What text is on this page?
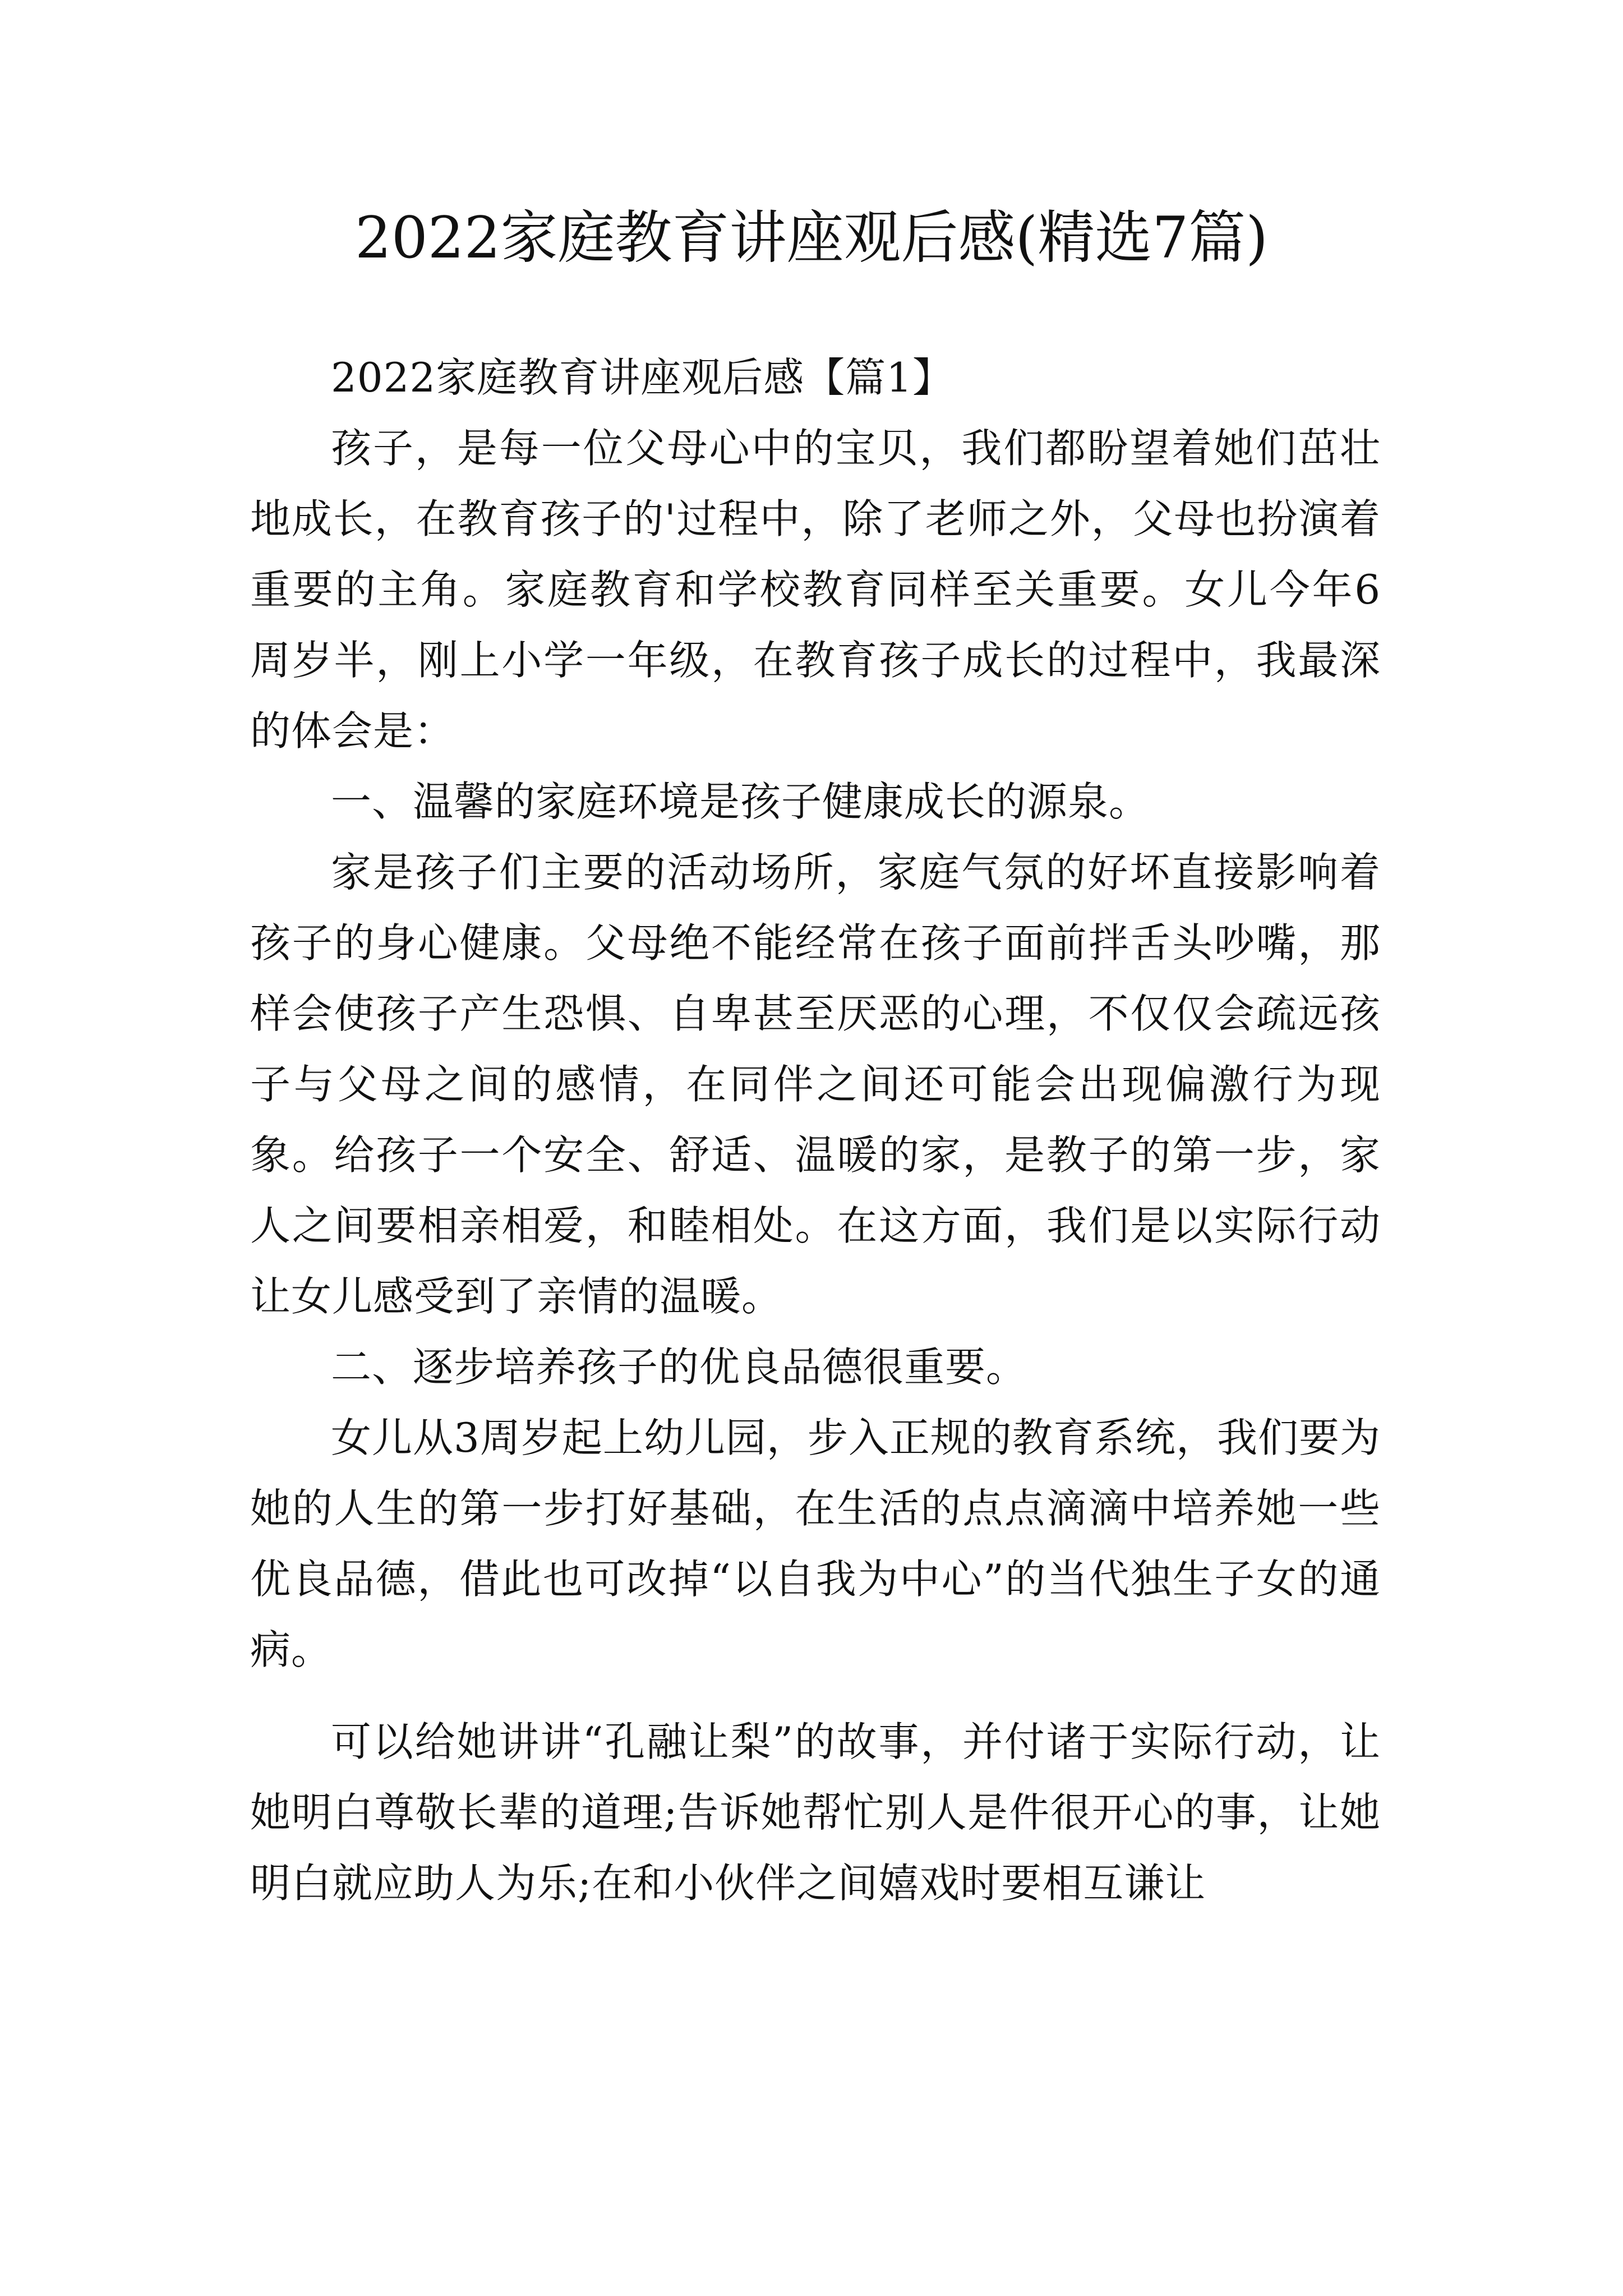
2022家庭教育讲座观后感(精选7篇)

2022家庭教育讲座观后感【篇1】

孩子，是每一位父母心中的宝贝，我们都盼望着她们茁壮地成长，在教育孩子的'过程中，除了老师之外，父母也扮演着重要的主角。家庭教育和学校教育同样至关重要。女儿今年6周岁半，刚上小学一年级，在教育孩子成长的过程中，我最深的体会是：

一、温馨的家庭环境是孩子健康成长的源泉。

家是孩子们主要的活动场所，家庭气氛的好坏直接影响着孩子的身心健康。父母绝不能经常在孩子面前拌舌头吵嘴，那样会使孩子产生恐惧、自卑甚至厌恶的心理，不仅仅会疏远孩子与父母之间的感情，在同伴之间还可能会出现偏激行为现象。给孩子一个安全、舒适、温暖的家，是教子的第一步，家人之间要相亲相爱，和睦相处。在这方面，我们是以实际行动让女儿感受到了亲情的温暖。

二、逐步培养孩子的优良品德很重要。

女儿从3周岁起上幼儿园，步入正规的教育系统，我们要为她的人生的第一步打好基础，在生活的点点滴滴中培养她一些优良品德，借此也可改掉“以自我为中心”的当代独生子女的通病。

可以给她讲讲“孔融让梨”的故事，并付诸于实际行动，让她明白尊敬长辈的道理;告诉她帮忙别人是件很开心的事，让她明白就应助人为乐;在和小伙伴之间嬉戏时要相互谦让
